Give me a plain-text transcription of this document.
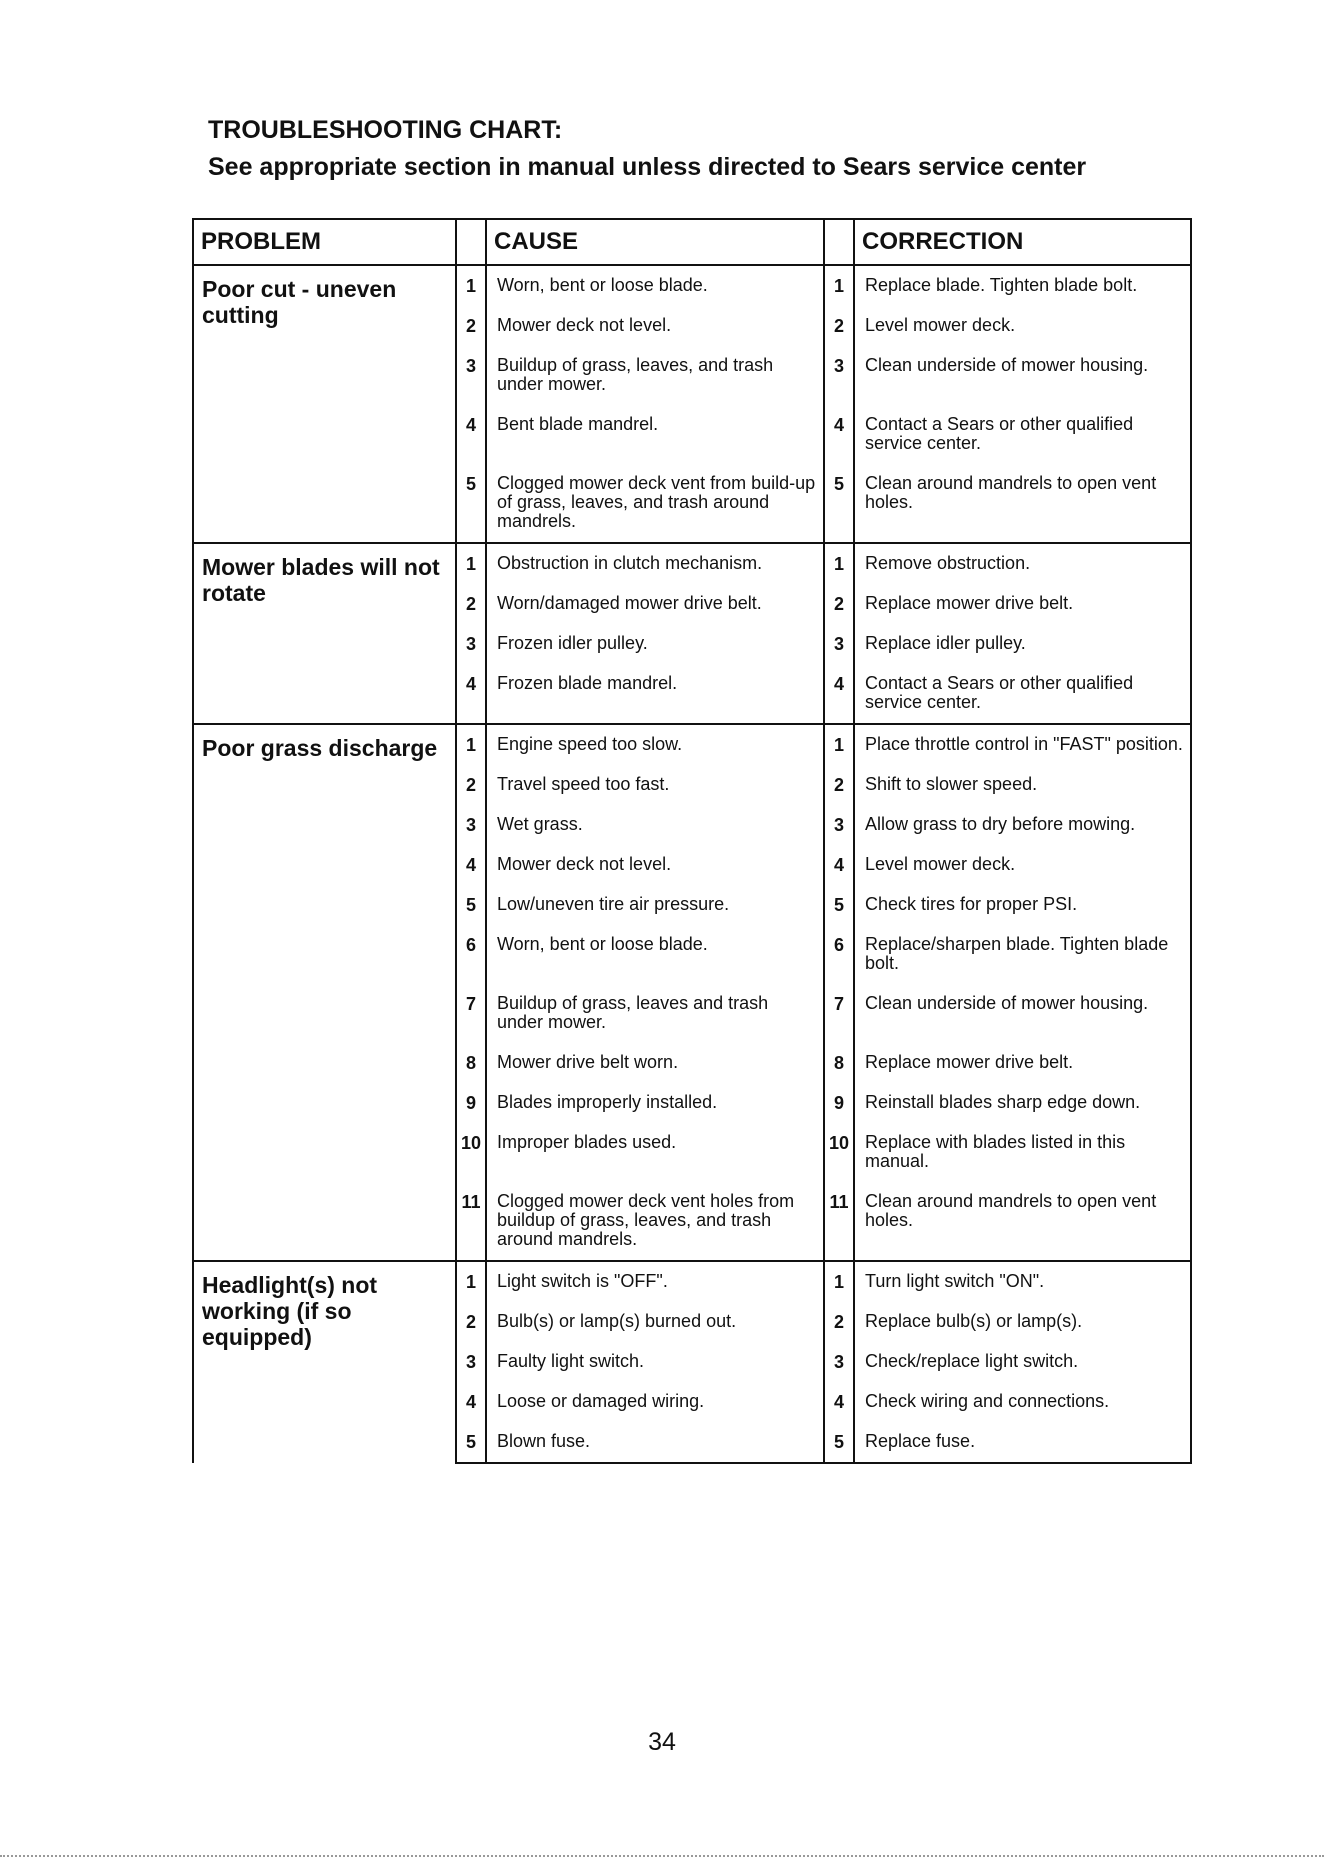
TROUBLESHOOTING CHART:
See appropriate section in manual unless directed to Sears service center
PROBLEM		CAUSE		CORRECTION
Poor cut - uneven cutting	1	Worn, bent or loose blade.	1	Replace blade. Tighten blade bolt.
	2	Mower deck not level.	2	Level mower deck.
	3	Buildup of grass, leaves, and trash under mower.	3	Clean underside of mower housing.
	4	Bent blade mandrel.	4	Contact a Sears or other qualified service center.
	5	Clogged mower deck vent from build-up of grass, leaves, and trash around mandrels.	5	Clean around mandrels to open vent holes.
Mower blades will not rotate	1	Obstruction in clutch mechanism.	1	Remove obstruction.
	2	Worn/damaged mower drive belt.	2	Replace mower drive belt.
	3	Frozen idler pulley.	3	Replace idler pulley.
	4	Frozen blade mandrel.	4	Contact a Sears or other qualified service center.
Poor grass discharge	1	Engine speed too slow.	1	Place throttle control in "FAST" position.
	2	Travel speed too fast.	2	Shift to slower speed.
	3	Wet grass.	3	Allow grass to dry before mowing.
	4	Mower deck not level.	4	Level mower deck.
	5	Low/uneven tire air pressure.	5	Check tires for proper PSI.
	6	Worn, bent or loose blade.	6	Replace/sharpen blade. Tighten blade bolt.
	7	Buildup of grass, leaves and trash under mower.	7	Clean underside of mower housing.
	8	Mower drive belt worn.	8	Replace mower drive belt.
	9	Blades improperly installed.	9	Reinstall blades sharp edge down.
	10	Improper blades used.	10	Replace with blades listed in this manual.
	11	Clogged mower deck vent holes from buildup of grass, leaves, and trash around mandrels.	11	Clean around mandrels to open vent holes.
Headlight(s) not working (if so equipped)	1	Light switch is "OFF".	1	Turn light switch "ON".
	2	Bulb(s) or lamp(s) burned out.	2	Replace bulb(s) or lamp(s).
	3	Faulty light switch.	3	Check/replace light switch.
	4	Loose or damaged wiring.	4	Check wiring and connections.
	5	Blown fuse.	5	Replace fuse.
34
